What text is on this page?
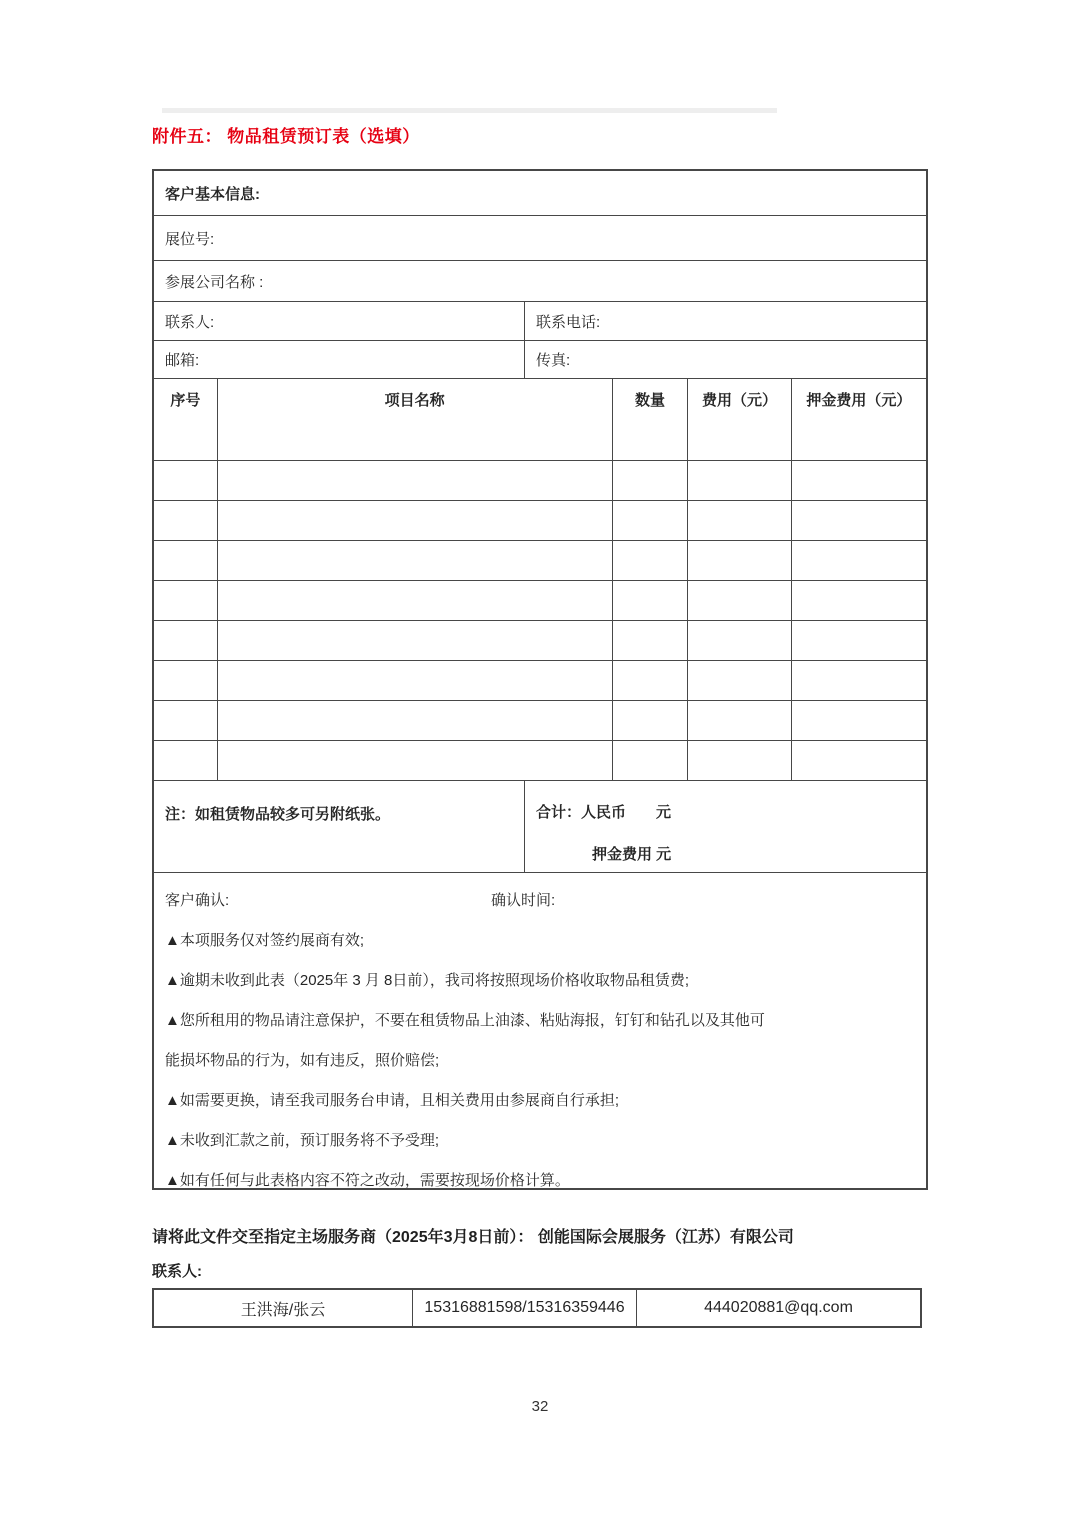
附件五： 物品租赁预订表（选填）
客户基本信息:
展位号:
参展公司名称 :
联系人:	联系电话:
邮箱:	传真:
序号	项目名称	数量	费用（元）	押金费用（元）
注：如租赁物品较多可另附纸张。	合计：人民币 元
押金费用 元
客户确认:	确认时间:
▲本项服务仅对签约展商有效;
▲逾期未收到此表（2025年 3 月 8日前），我司将按照现场价格收取物品租赁费;
▲您所租用的物品请注意保护，不要在租赁物品上油漆、粘贴海报，钉钉和钻孔以及其他可
能损坏物品的行为，如有违反，照价赔偿;
▲如需要更换，请至我司服务台申请，且相关费用由参展商自行承担;
▲未收到汇款之前，预订服务将不予受理;
▲如有任何与此表格内容不符之改动，需要按现场价格计算。
请将此文件交至指定主场服务商（2025年3月8日前）： 创能国际会展服务（江苏）有限公司
联系人:
王洪海/张云	15316881598/15316359446	444020881@qq.com
32
